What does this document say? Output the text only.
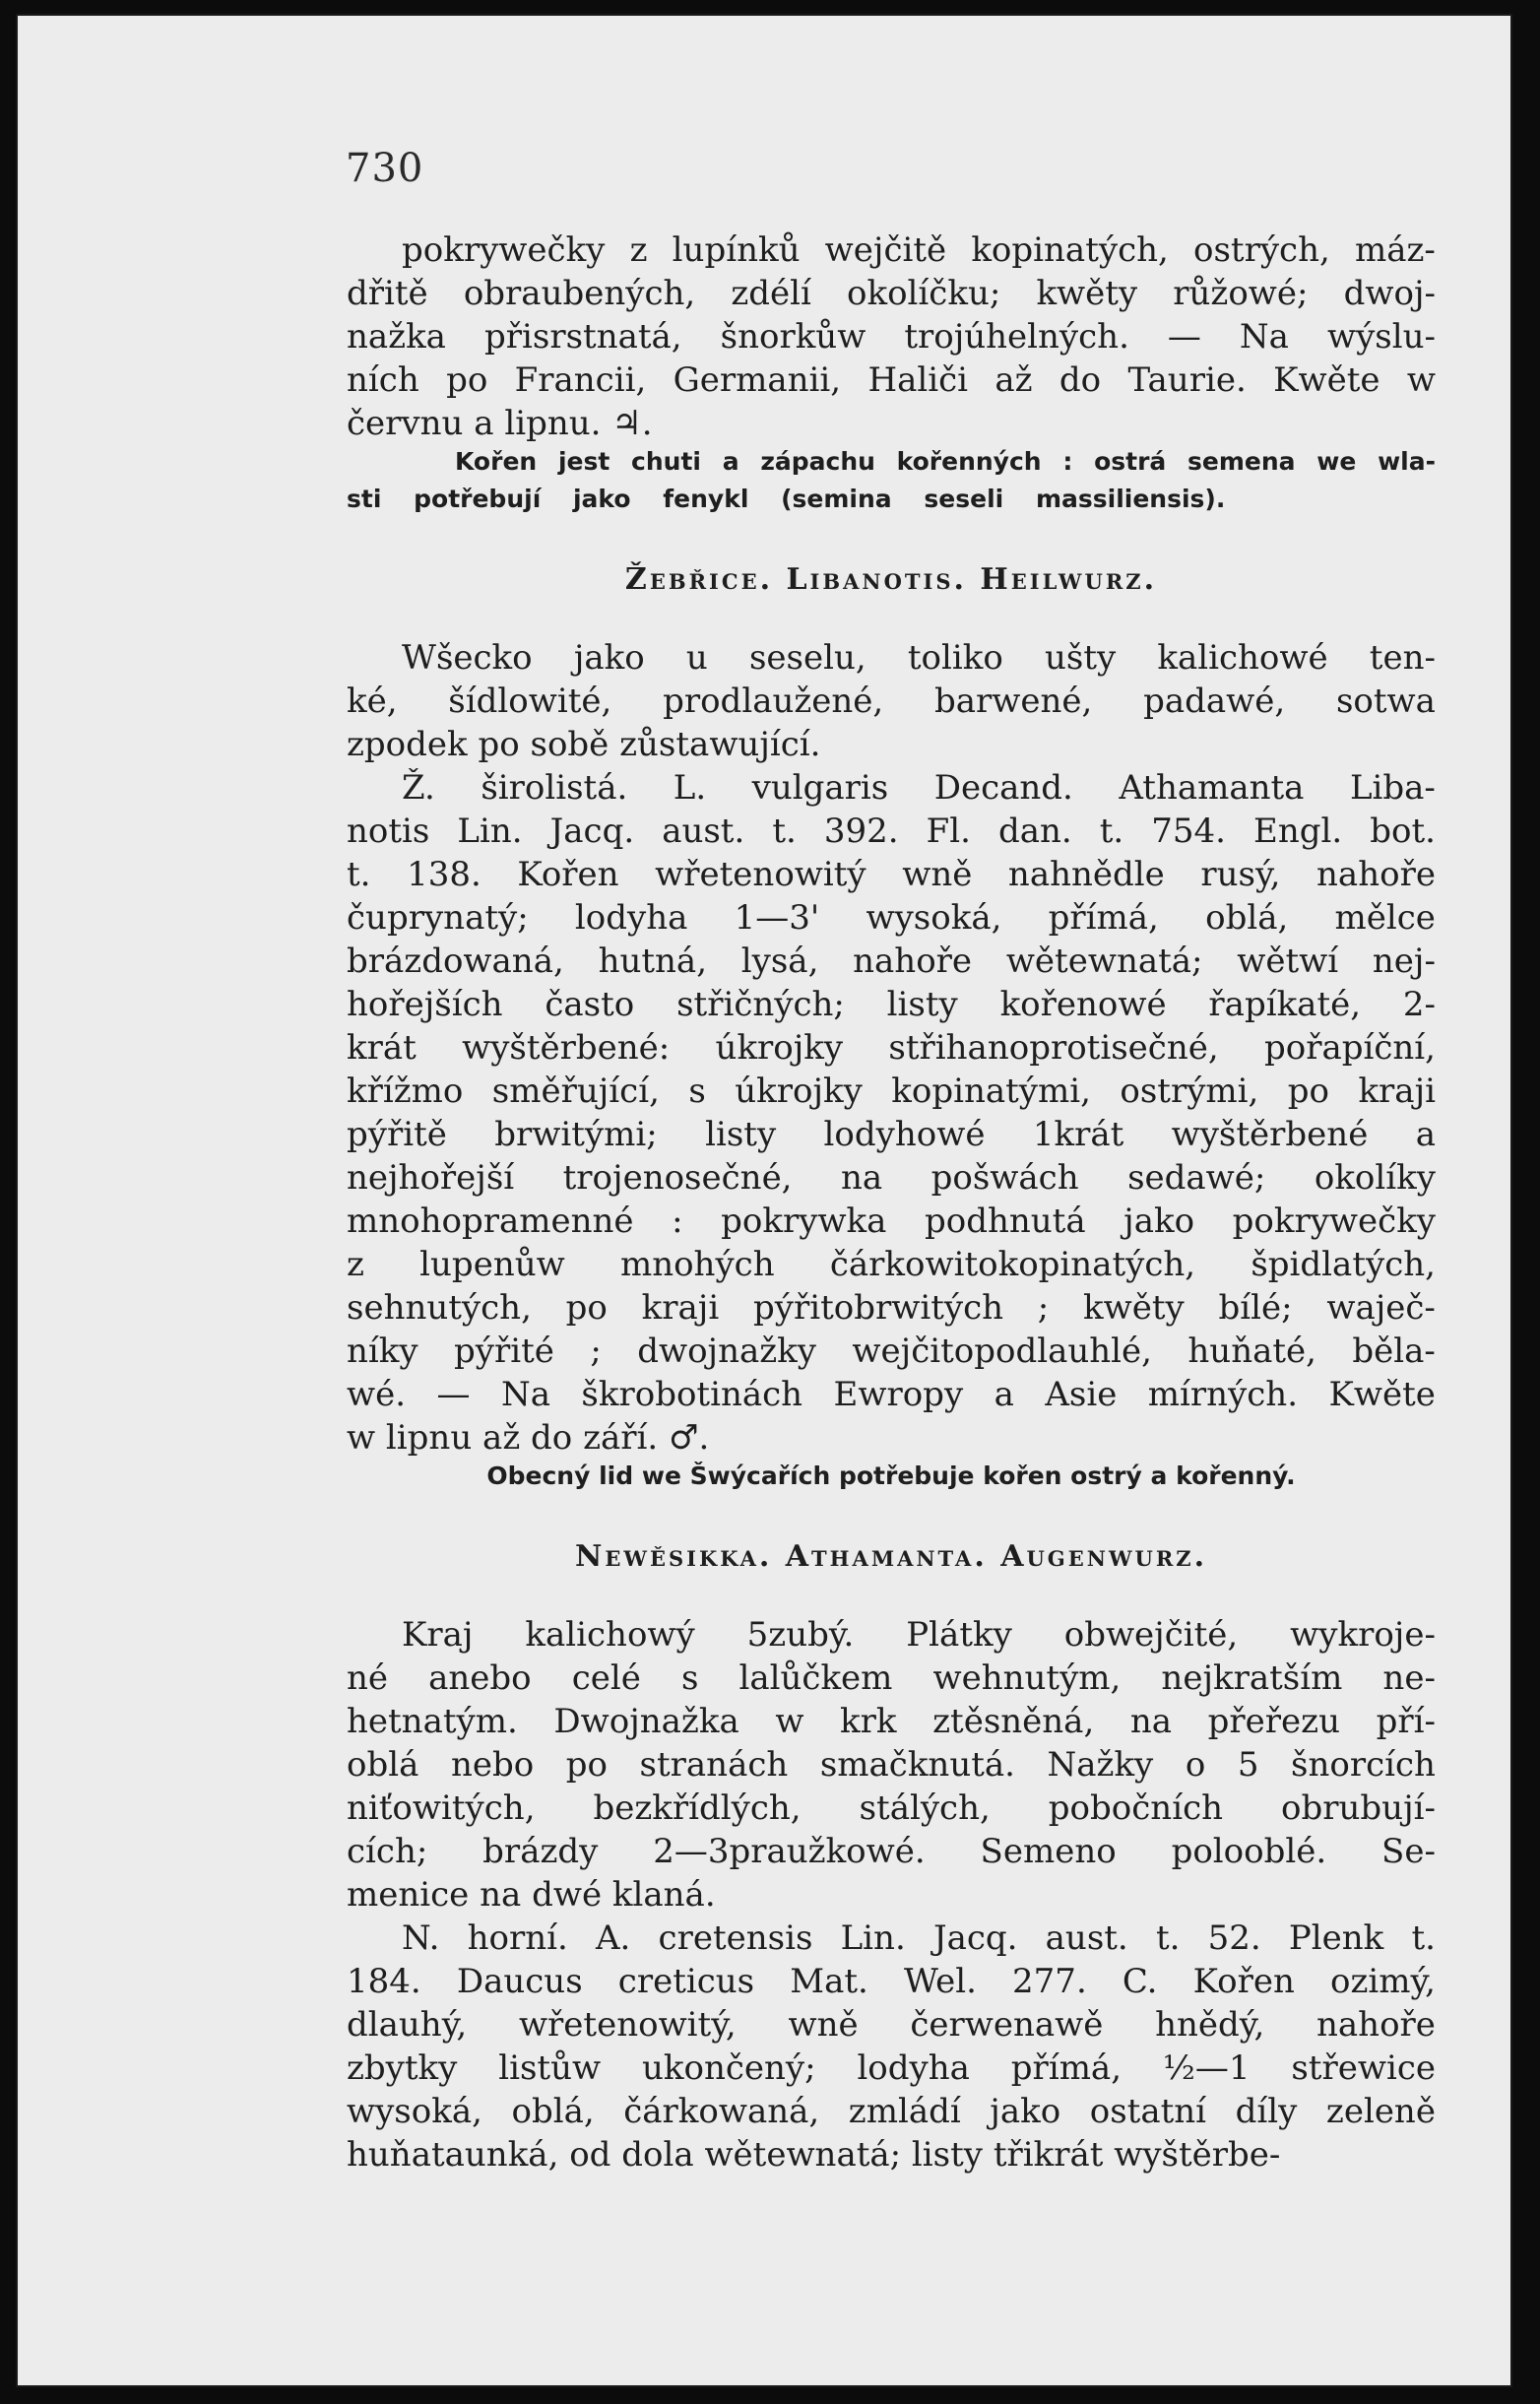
730
pokrywečky z lupínků wejčitě kopinatých, ostrých, máz-
dřitě obraubených, zdélí okolíčku; kwěty růžowé; dwoj-
nažka přisrstnatá, šnorkůw trojúhelných. — Na wýslu-
ních po Francii, Germanii, Haliči až do Taurie. Kwěte w
červnu
a
lipnu.
♃.
Kořen jest chuti a zápachu kořenných : ostrá semena we wla-
sti
potřebují
jako
fenykl
(semina
seseli
massiliensis).
Žebřice. Libanotis. Heilwurz.
Wšecko jako u seselu, toliko ušty kalichowé ten-
ké, šídlowité, prodlaužené, barwené, padawé, sotwa
zpodek
po
sobě
zůstawující.
Ž. širolistá. L. vulgaris Decand. Athamanta Liba-
notis Lin. Jacq. aust. t. 392. Fl. dan. t. 754. Engl. bot.
t. 138. Kořen wřetenowitý wně nahnědle rusý, nahoře
čuprynatý; lodyha 1—3' wysoká, přímá, oblá, mělce
brázdowaná, hutná, lysá, nahoře wětewnatá; wětwí nej-
hořejších často střičných; listy kořenowé řapíkaté, 2-
krát wyštěrbené: úkrojky střihanoprotisečné, pořapíční,
křížmo směřující, s úkrojky kopinatými, ostrými, po kraji
pýřitě brwitými; listy lodyhowé 1krát wyštěrbené a
nejhořejší trojenosečné, na pošwách sedawé; okolíky
mnohopramenné : pokrywka podhnutá jako pokrywečky
z lupenůw mnohých čárkowitokopinatých, špidlatých,
sehnutých, po kraji pýřitobrwitých ; kwěty bílé; waječ-
níky pýřité ; dwojnažky wejčitopodlauhlé, huňaté, běla-
wé. — Na škrobotinách Ewropy a Asie mírných. Kwěte
w
lipnu
až
do
září.
♂.
Obecný
lid
we
Šwýcařích
potřebuje
kořen
ostrý
a
kořenný.
Newěsikka. Athamanta. Augenwurz.
Kraj kalichowý 5zubý. Plátky obwejčité, wykroje-
né anebo celé s lalůčkem wehnutým, nejkratším ne-
hetnatým. Dwojnažka w krk ztěsněná, na přeřezu pří-
oblá nebo po stranách smačknutá. Nažky o 5 šnorcích
niťowitých, bezkřídlých, stálých, pobočních obrubují-
cích; brázdy 2—3praužkowé. Semeno polooblé. Se-
menice
na
dwé
klaná.
N. horní. A. cretensis Lin. Jacq. aust. t. 52. Plenk t.
184. Daucus creticus Mat. Wel. 277. C. Kořen ozimý,
dlauhý, wřetenowitý, wně čerwenawě hnědý, nahoře
zbytky listůw ukončený; lodyha přímá, ½—1 střewice
wysoká, oblá, čárkowaná, zmládí jako ostatní díly zeleně
huňataunká,
od
dola
wětewnatá;
listy
třikrát
wyštěrbe-
